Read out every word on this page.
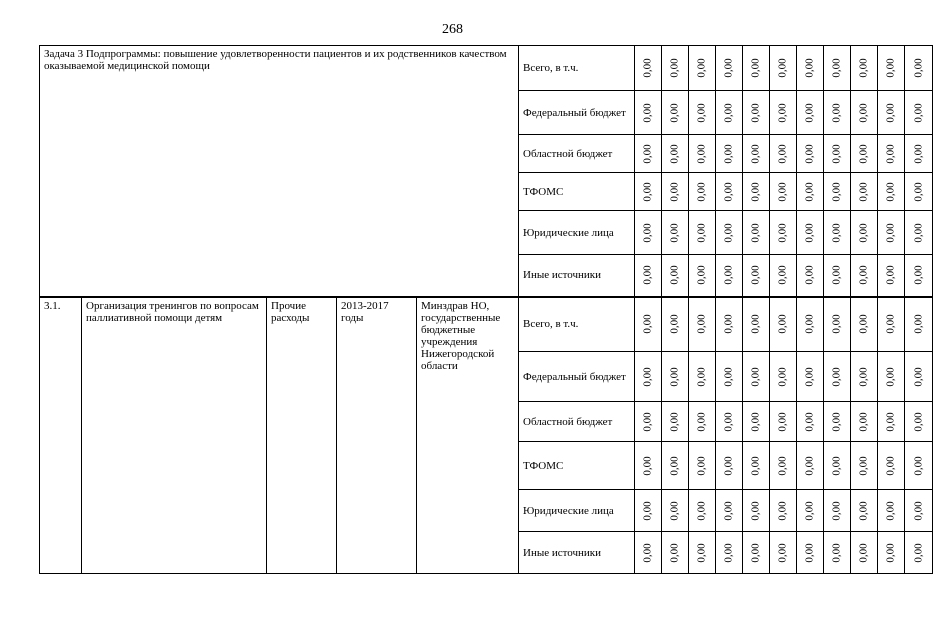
268
Задача 3 Подпрограммы: повышение удовлетворенности пациентов и их родственников качеством оказываемой медицинской помощи					Всего, в т.ч.	0,00	0,00	0,00	0,00	0,00	0,00	0,00	0,00	0,00	0,00	0,00

					Федеральный бюджет	0,00	0,00	0,00	0,00	0,00	0,00	0,00	0,00	0,00	0,00	0,00

					Областной бюджет	0,00	0,00	0,00	0,00	0,00	0,00	0,00	0,00	0,00	0,00	0,00

					ТФОМС	0,00	0,00	0,00	0,00	0,00	0,00	0,00	0,00	0,00	0,00	0,00

					Юридические лица	0,00	0,00	0,00	0,00	0,00	0,00	0,00	0,00	0,00	0,00	0,00

					Иные источники	0,00	0,00	0,00	0,00	0,00	0,00	0,00	0,00	0,00	0,00	0,00

3.1.	Организация тренингов по вопросам паллиативной помощи детям	Прочие расходы	2013-2017 годы	Минздрав НО, государственные бюджетные учреждения Нижегородской области	Всего, в т.ч.	0,00	0,00	0,00	0,00	0,00	0,00	0,00	0,00	0,00	0,00	0,00

					Федеральный бюджет	0,00	0,00	0,00	0,00	0,00	0,00	0,00	0,00	0,00	0,00	0,00

					Областной бюджет	0,00	0,00	0,00	0,00	0,00	0,00	0,00	0,00	0,00	0,00	0,00

					ТФОМС	0,00	0,00	0,00	0,00	0,00	0,00	0,00	0,00	0,00	0,00	0,00

					Юридические лица	0,00	0,00	0,00	0,00	0,00	0,00	0,00	0,00	0,00	0,00	0,00

					Иные источники	0,00	0,00	0,00	0,00	0,00	0,00	0,00	0,00	0,00	0,00	0,00
